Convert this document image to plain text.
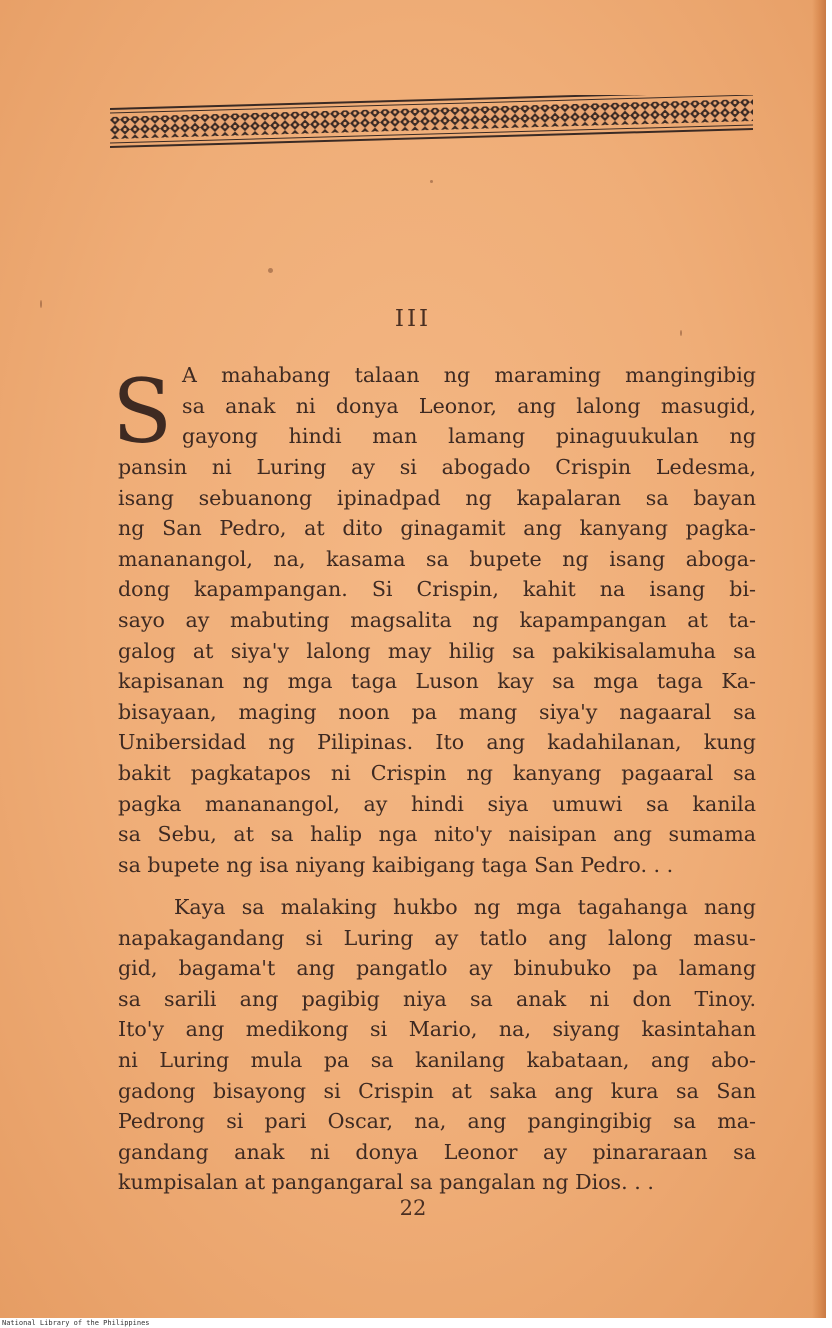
III
S A mahabang talaan ng maraming mangingibig
sa anak ni donya Leonor, ang lalong masugid,
gayong hindi man lamang pinaguukulan ng
pansin ni Luring ay si abogado Crispin Ledesma,
isang sebuanong ipinadpad ng kapalaran sa bayan
ng San Pedro, at dito ginagamit ang kanyang pagka-
mananangol, na, kasama sa bupete ng isang aboga-
dong kapampangan. Si Crispin, kahit na isang bi-
sayo ay mabuting magsalita ng kapampangan at ta-
galog at siya'y lalong may hilig sa pakikisalamuha sa
kapisanan ng mga taga Luson kay sa mga taga Ka-
bisayaan, maging noon pa mang siya'y nagaaral sa
Unibersidad ng Pilipinas. Ito ang kadahilanan, kung
bakit pagkatapos ni Crispin ng kanyang pagaaral sa
pagka mananangol, ay hindi siya umuwi sa kanila
sa Sebu, at sa halip nga nito'y naisipan ang sumama
sa bupete ng isa niyang kaibigang taga San Pedro. . .
Kaya sa malaking hukbo ng mga tagahanga nang
napakagandang si Luring ay tatlo ang lalong masu-
gid, bagama't ang pangatlo ay binubuko pa lamang
sa sarili ang pagibig niya sa anak ni don Tinoy.
Ito'y ang medikong si Mario, na, siyang kasintahan
ni Luring mula pa sa kanilang kabataan, ang abo-
gadong bisayong si Crispin at saka ang kura sa San
Pedrong si pari Oscar, na, ang pangingibig sa ma-
gandang anak ni donya Leonor ay pinararaan sa
kumpisalan at pangangaral sa pangalan ng Dios. . .
22
National Library of the Philippines
